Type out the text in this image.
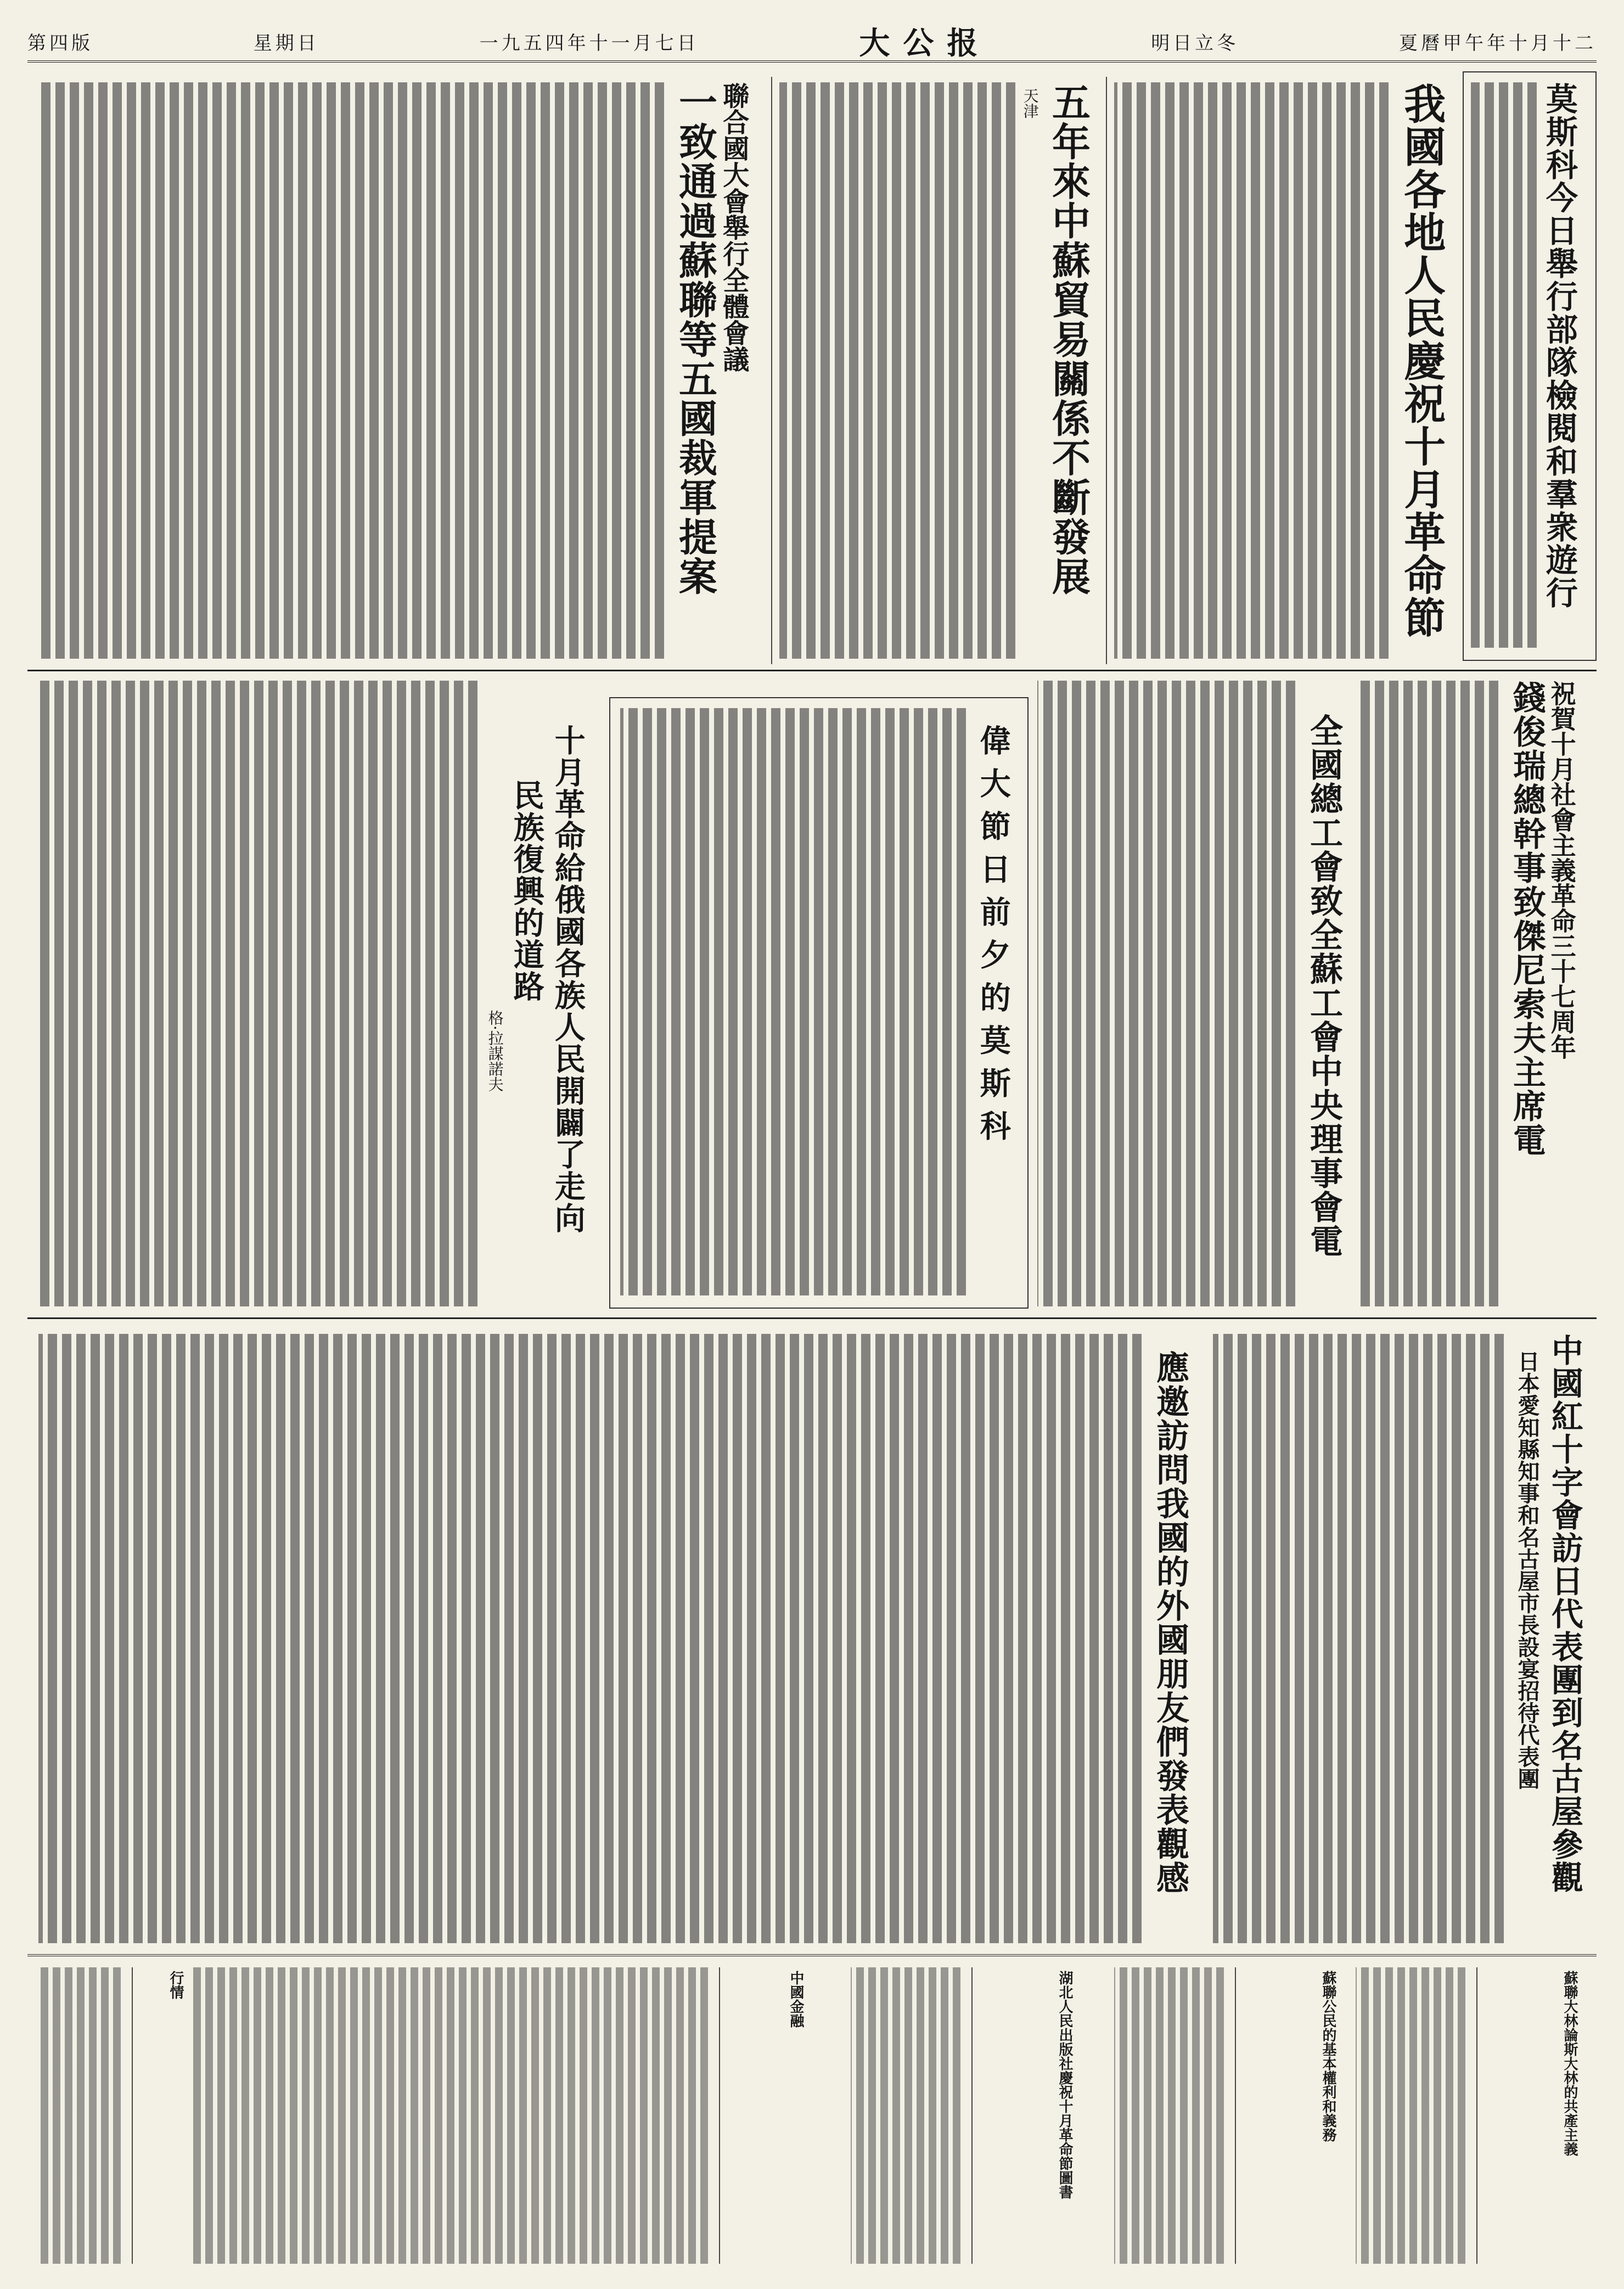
第四版	星期日	一九五四年十一月七日	大公报	明日立冬	夏曆甲午年十月十二
莫斯科今日舉行部隊檢閱和羣衆遊行
我國各地人民慶祝十月革命節
五年來中蘇貿易關係不斷發展
天津
聯合國大會舉行全體會議
一致通過蘇聯等五國裁軍提案
祝賀十月社會主義革命三十七周年
錢俊瑞總幹事致傑尼索夫主席電
全國總工會致全蘇工會中央理事會電
偉大節日前夕的莫斯科
十月革命給俄國各族人民開闢了走向
民族復興的道路
格·拉謀諾夫
中國紅十字會訪日代表團到名古屋參觀
日本愛知縣知事和名古屋市長設宴招待代表團
應邀訪問我國的外國朋友們發表觀感
蘇聯大林論斯大林的共產主義
蘇聯公民的基本權利和義務
湖北人民出版社慶祝十月革命節圖書
中國金融
行情
